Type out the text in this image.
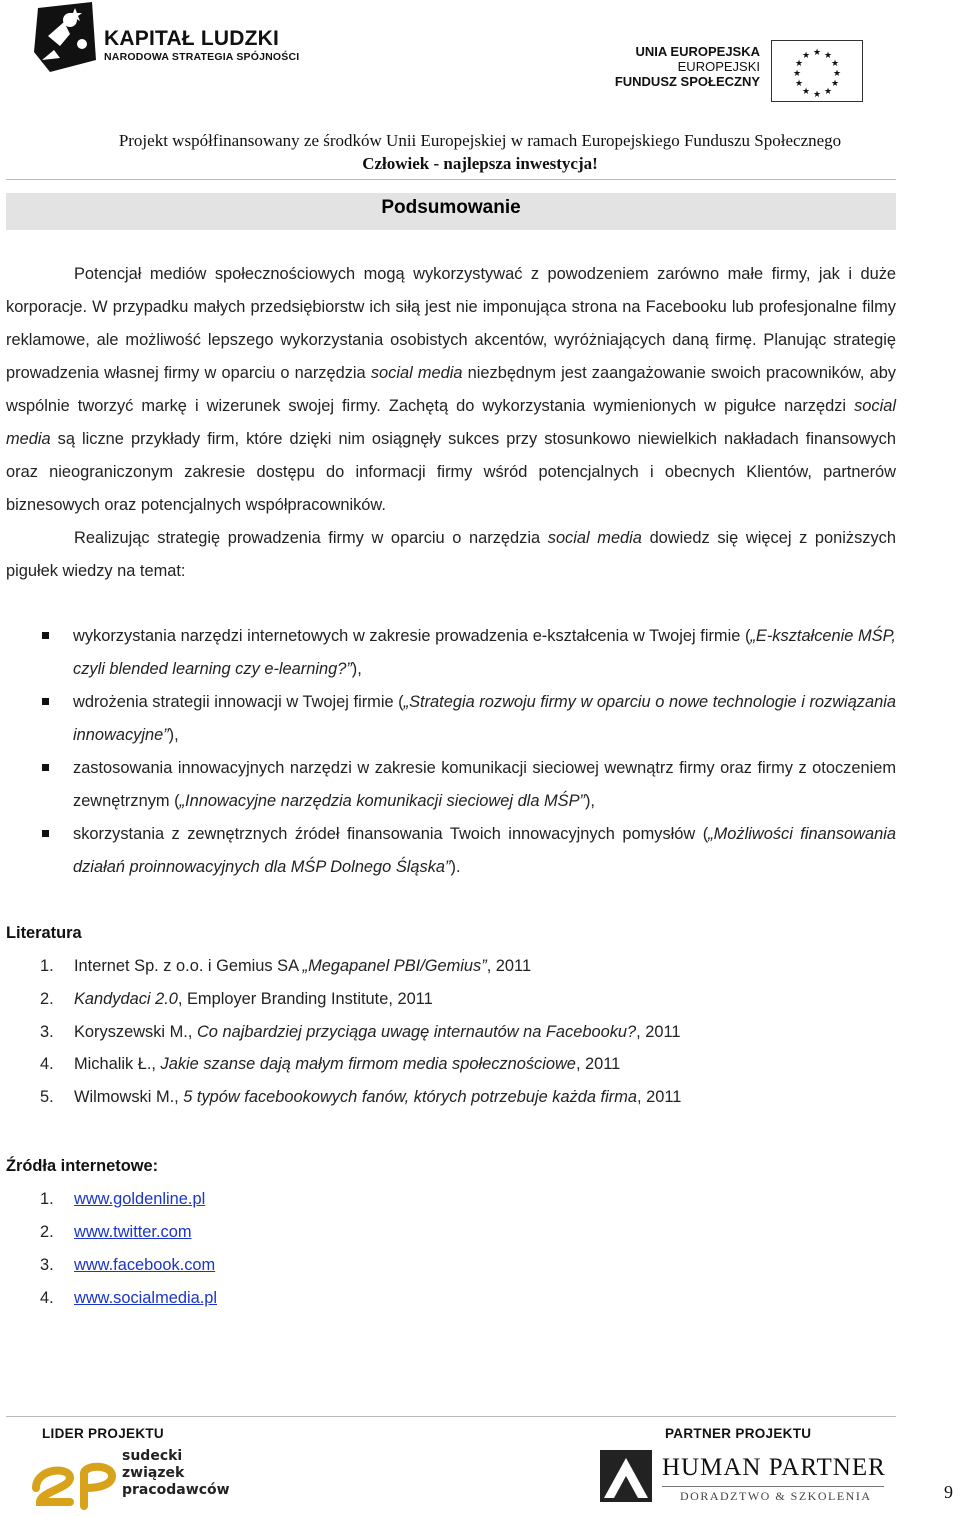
KAPITAŁ LUDZKI
NARODOWA STRATEGIA SPÓJNOŚCI	UNIA EUROPEJSKA
EUROPEJSKI
FUNDUSZ SPOŁECZNY
★ ★
★
★
★
★
★
★
★
★
★
★
Projekt współfinansowany ze środków Unii Europejskiej w ramach Europejskiego Funduszu Społecznego
Człowiek - najlepsza inwestycja!
Podsumowanie

Potencjał mediów społecznościowych mogą wykorzystywać z powodzeniem zarówno małe firmy, jak i duże korporacje. W przypadku małych przedsiębiorstw ich siłą jest nie imponująca strona na Facebooku lub profesjonalne filmy reklamowe, ale możliwość lepszego wykorzystania osobistych akcentów, wyróżniających daną firmę. Planując strategię prowadzenia własnej firmy w oparciu o narzędzia social media niezbędnym jest zaangażowanie swoich pracowników, aby wspólnie tworzyć markę i wizerunek swojej firmy. Zachętą do wykorzystania wymienionych w pigułce narzędzi social media są liczne przykłady firm, które dzięki nim osiągnęły sukces przy stosunkowo niewielkich nakładach finansowych oraz nieograniczonym zakresie dostępu do informacji firmy wśród potencjalnych i obecnych Klientów, partnerów biznesowych oraz potencjalnych współpracowników.

Realizując strategię prowadzenia firmy w oparciu o narzędzia social media dowiedz się więcej z poniższych pigułek wiedzy na temat:

wykorzystania narzędzi internetowych w zakresie prowadzenia e-kształcenia w Twojej firmie („E-kształcenie MŚP, czyli blended learning czy e-learning?”),
wdrożenia strategii innowacji w Twojej firmie („Strategia rozwoju firmy w oparciu o nowe technologie i rozwiązania innowacyjne”),
zastosowania innowacyjnych narzędzi w zakresie komunikacji sieciowej wewnątrz firmy oraz firmy z otoczeniem zewnętrznym („Innowacyjne narzędzia komunikacji sieciowej dla MŚP”),
skorzystania z zewnętrznych źródeł finansowania Twoich innowacyjnych pomysłów („Możliwości finansowania działań proinnowacyjnych dla MŚP Dolnego Śląska”).
Literatura
1. Internet Sp. z o.o. i Gemius SA „Megapanel PBI/Gemius”, 2011
2. Kandydaci 2.0, Employer Branding Institute, 2011
3. Koryszewski M., Co najbardziej przyciąga uwagę internautów na Facebooku?, 2011
4. Michalik Ł., Jakie szanse dają małym firmom media społecznościowe, 2011
5. Wilmowski M., 5 typów facebookowych fanów, których potrzebuje każda firma, 2011
Źródła internetowe:
1. www.goldenline.pl
2. www.twitter.com
3. www.facebook.com
4. www.socialmedia.pl
LIDER PROJEKTU	PARTNER PROJEKTU
sudecki
związek
pracodawców
HUMAN PARTNER
DORADZTWO & SZKOLENIA	9
